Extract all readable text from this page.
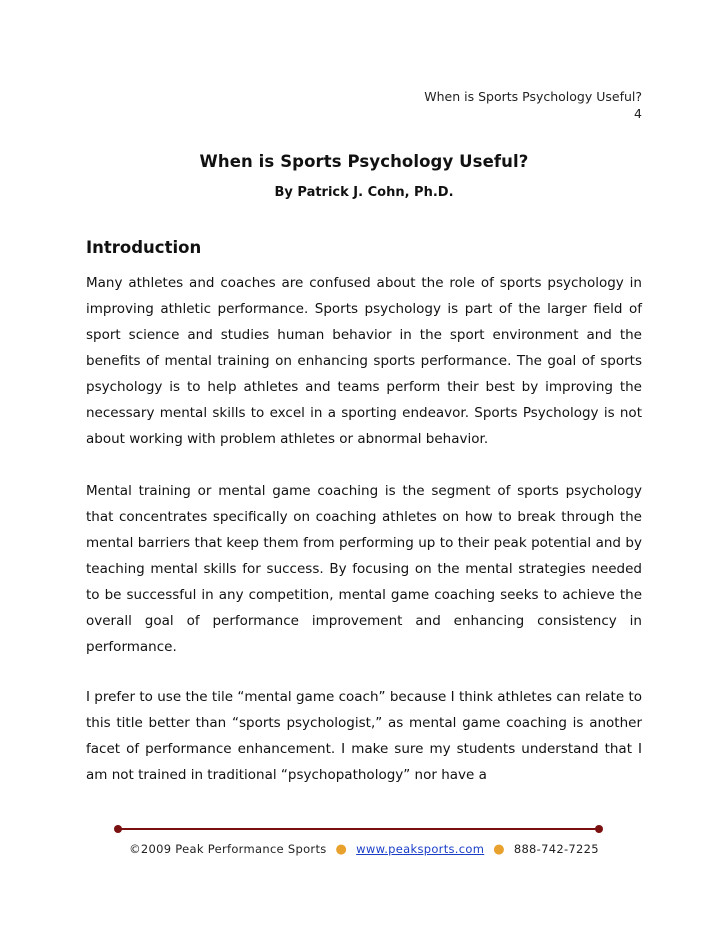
When is Sports Psychology Useful?
4
When is Sports Psychology Useful?
By Patrick J. Cohn, Ph.D.
Introduction

Many athletes and coaches are confused about the role of sports psychology in improving athletic performance. Sports psychology is part of the larger field of sport science and studies human behavior in the sport environment and the benefits of mental training on enhancing sports performance. The goal of sports psychology is to help athletes and teams perform their best by improving the necessary mental skills to excel in a sporting endeavor. Sports Psychology is not about working with problem athletes or abnormal behavior.

Mental training or mental game coaching is the segment of sports psychology that concentrates specifically on coaching athletes on how to break through the mental barriers that keep them from performing up to their peak potential and by teaching mental skills for success. By focusing on the mental strategies needed to be successful in any competition, mental game coaching seeks to achieve the overall goal of performance improvement and enhancing consistency in performance.

I prefer to use the tile “mental game coach” because I think athletes can relate to this title better than “sports psychologist,” as mental game coaching is another facet of performance enhancement. I make sure my students understand that I am not trained in traditional “psychopathology” nor have a

©2009 Peak Performance Sports ● www.peaksports.com ● 888-742-7225
